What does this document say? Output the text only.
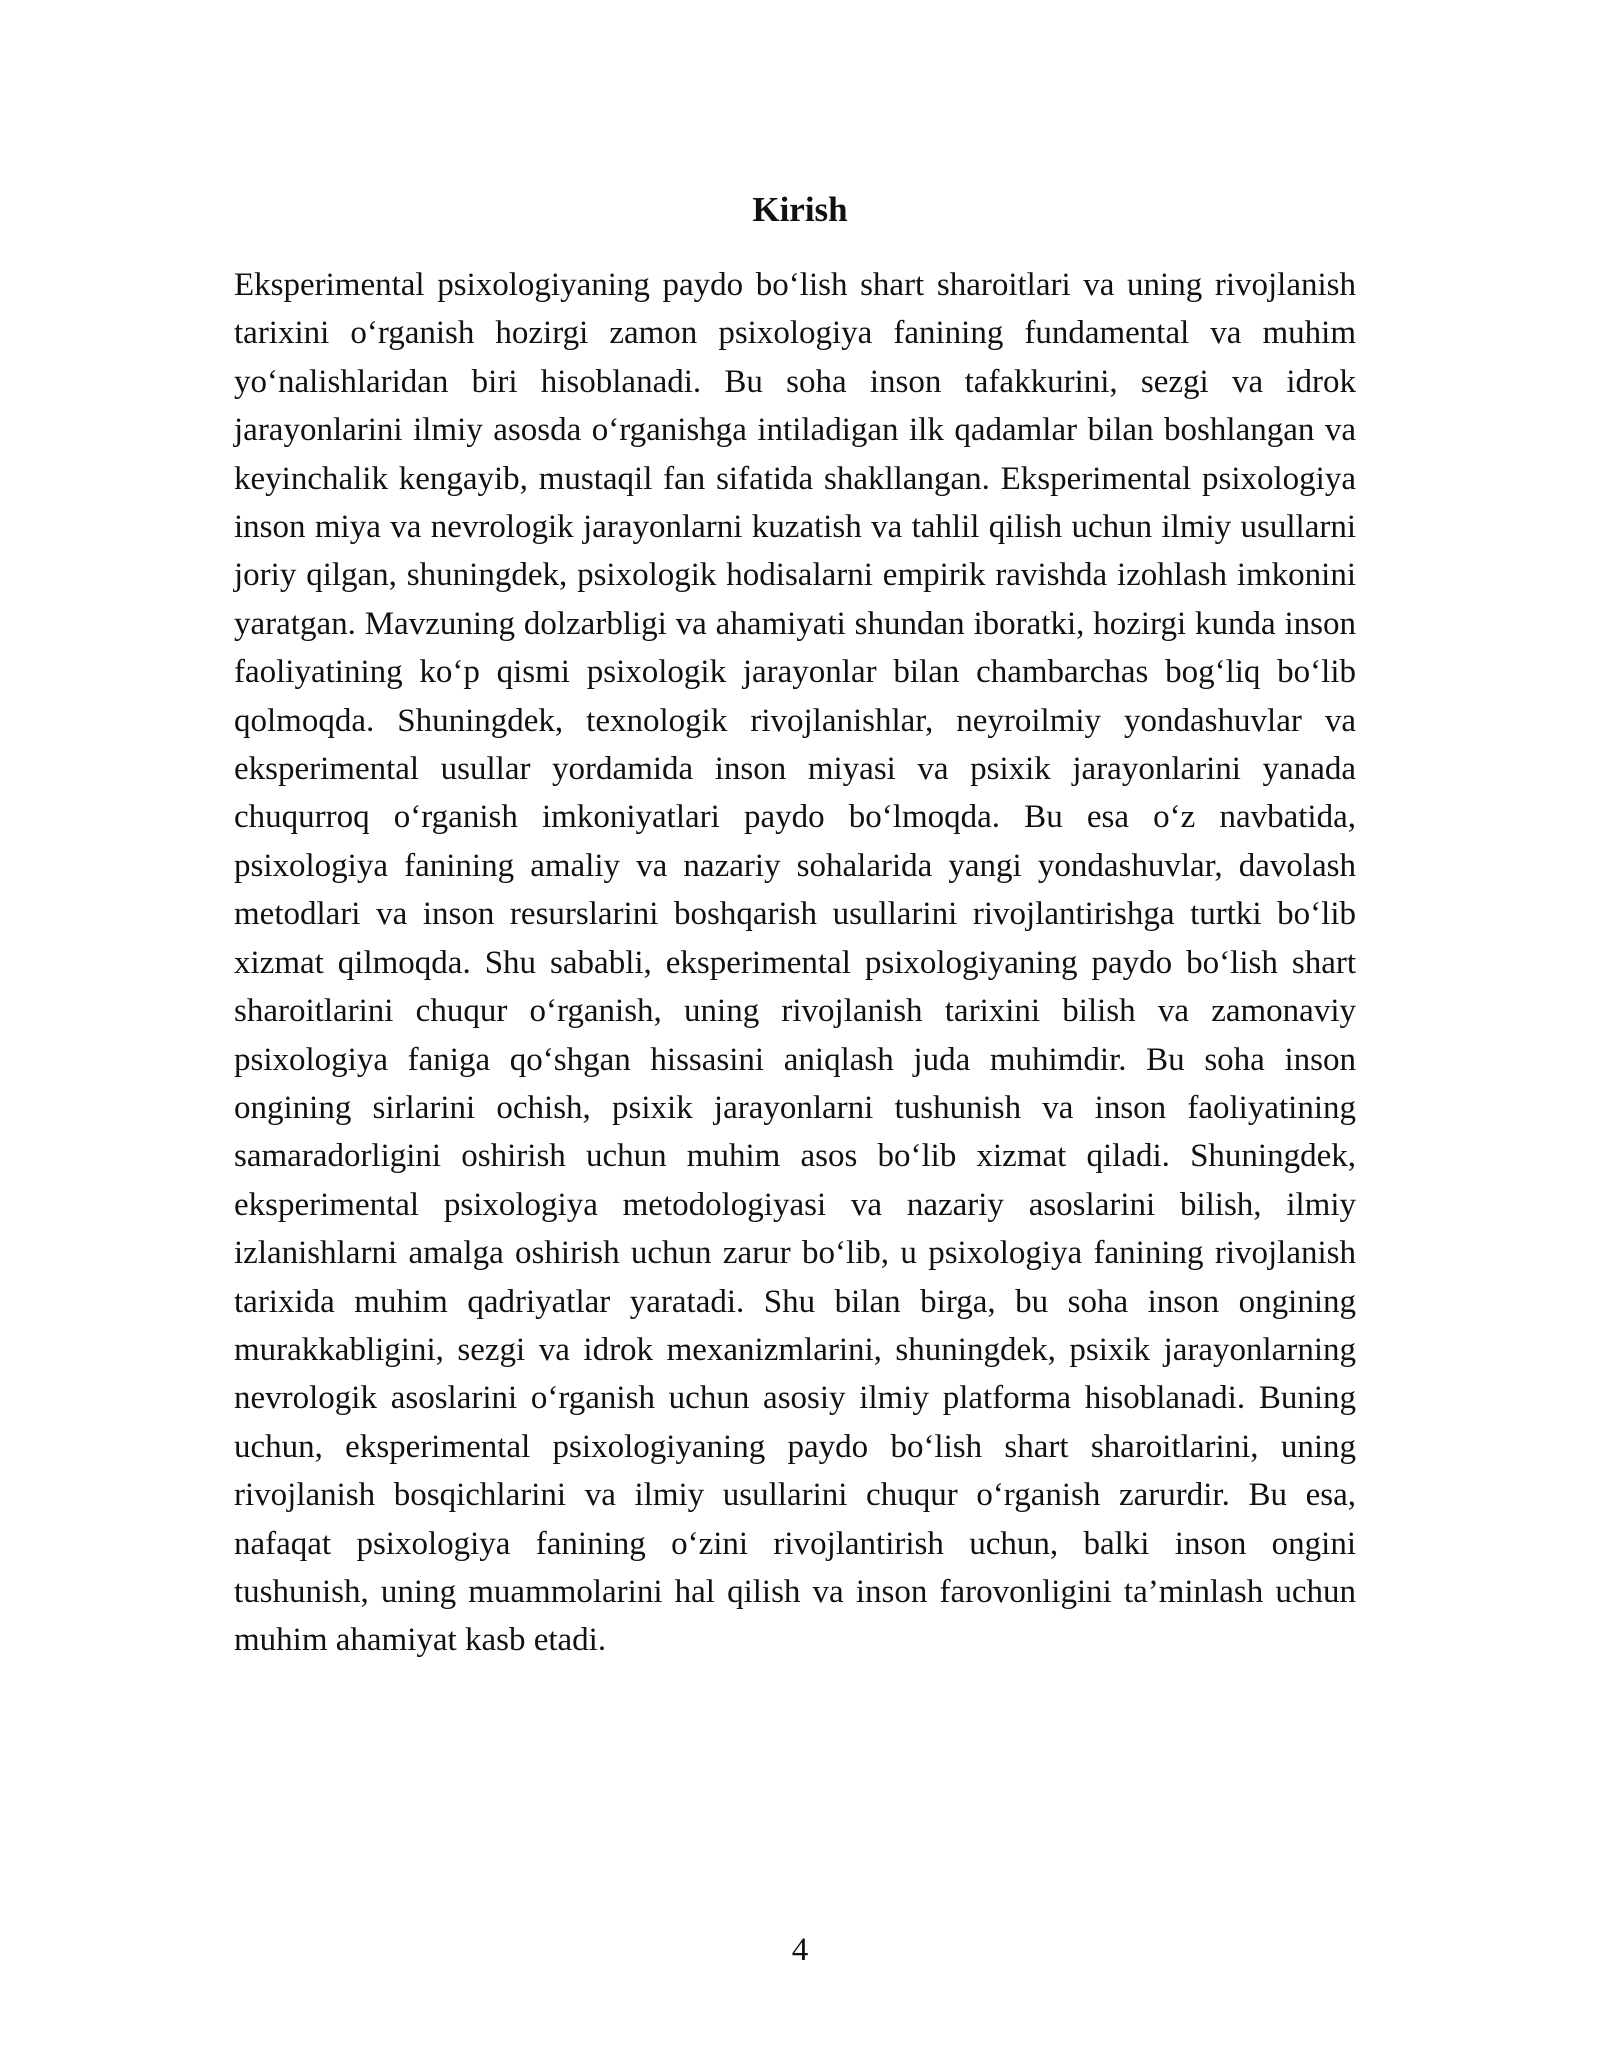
Kirish

Eksperimental psixologiyaning paydo bo‘lish shart sharoitlari va uning rivojlanish tarixini o‘rganish hozirgi zamon psixologiya fanining fundamental va muhim yo‘nalishlaridan biri hisoblanadi. Bu soha inson tafakkurini, sezgi va idrok jarayonlarini ilmiy asosda o‘rganishga intiladigan ilk qadamlar bilan boshlangan va keyinchalik kengayib, mustaqil fan sifatida shakllangan. Eksperimental psixologiya inson miya va nevrologik jarayonlarni kuzatish va tahlil qilish uchun ilmiy usullarni joriy qilgan, shuningdek, psixologik hodisalarni empirik ravishda izohlash imkonini yaratgan. Mavzuning dolzarbligi va ahamiyati shundan iboratki, hozirgi kunda inson faoliyatining ko‘p qismi psixologik jarayonlar bilan chambarchas bog‘liq bo‘lib qolmoqda. Shuningdek, texnologik rivojlanishlar, neyroilmiy yondashuvlar va eksperimental usullar yordamida inson miyasi va psixik jarayonlarini yanada chuqurroq o‘rganish imkoniyatlari paydo bo‘lmoqda. Bu esa o‘z navbatida, psixologiya fanining amaliy va nazariy sohalarida yangi yondashuvlar, davolash metodlari va inson resurslarini boshqarish usullarini rivojlantirishga turtki bo‘lib xizmat qilmoqda. Shu sababli, eksperimental psixologiyaning paydo bo‘lish shart sharoitlarini chuqur o‘rganish, uning rivojlanish tarixini bilish va zamonaviy psixologiya faniga qo‘shgan hissasini aniqlash juda muhimdir. Bu soha inson ongining sirlarini ochish, psixik jarayonlarni tushunish va inson faoliyatining samaradorligini oshirish uchun muhim asos bo‘lib xizmat qiladi. Shuningdek, eksperimental psixologiya metodologiyasi va nazariy asoslarini bilish, ilmiy izlanishlarni amalga oshirish uchun zarur bo‘lib, u psixologiya fanining rivojlanish tarixida muhim qadriyatlar yaratadi. Shu bilan birga, bu soha inson ongining murakkabligini, sezgi va idrok mexanizmlarini, shuningdek, psixik jarayonlarning nevrologik asoslarini o‘rganish uchun asosiy ilmiy platforma hisoblanadi. Buning uchun, eksperimental psixologiyaning paydo bo‘lish shart sharoitlarini, uning rivojlanish bosqichlarini va ilmiy usullarini chuqur o‘rganish zarurdir. Bu esa, nafaqat psixologiya fanining o‘zini rivojlantirish uchun, balki inson ongini tushunish, uning muammolarini hal qilish va inson farovonligini ta’minlash uchun muhim ahamiyat kasb etadi.

4
